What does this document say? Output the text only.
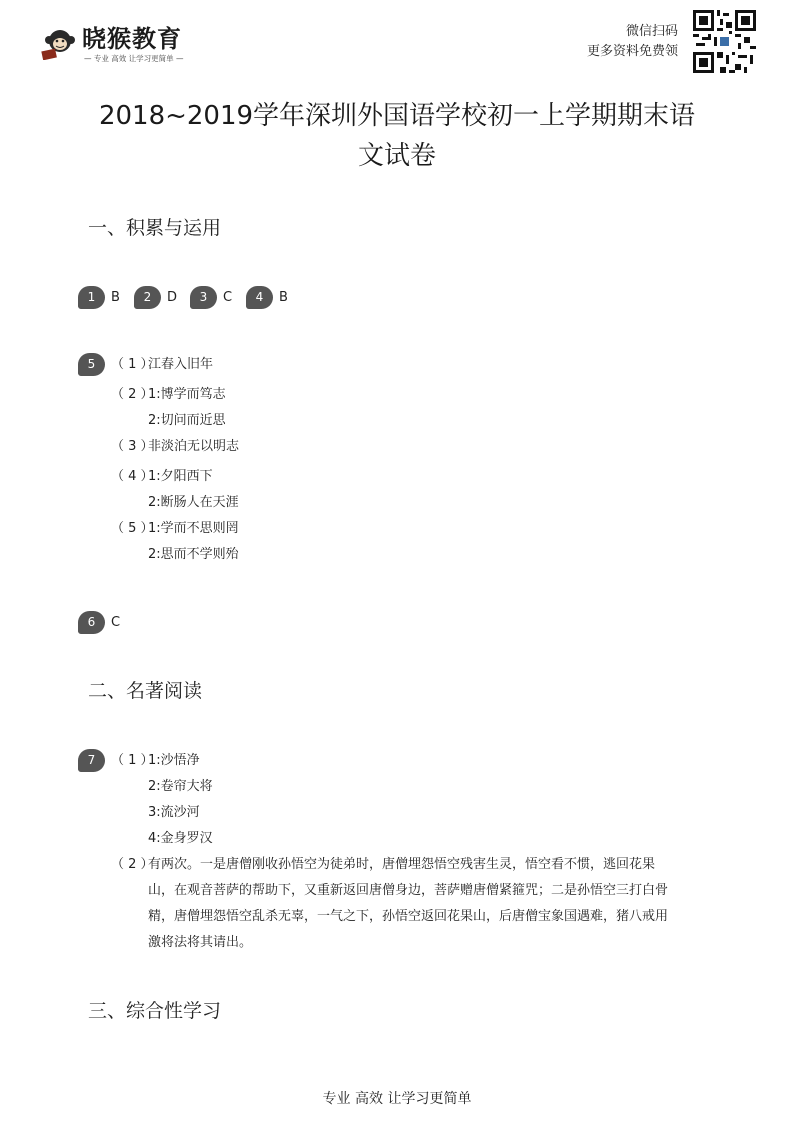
晓猴教育
— 专业 高效 让学习更简单 —
微信扫码
更多资料免费领
2018~2019学年深圳外国语学校初一上学期期末语
文试卷
一、积累与运用
1	B	2	D	3	C	4	B
5	（ 1 ）
江春入旧年
（ 2 ）
1:博学而笃志
2:切问而近思
（ 3 ）
非淡泊无以明志
（ 4 ）
1:夕阳西下
2:断肠人在天涯
（ 5 ）
1:学而不思则罔
2:思而不学则殆
6	C
二、名著阅读
7	（ 1 ）
1:沙悟净
2:卷帘大将
3:流沙河
4:金身罗汉
（ 2 ）
有两次。一是唐僧刚收孙悟空为徒弟时，唐僧埋怨悟空残害生灵，悟空看不惯，逃回花果山，在观音菩萨的帮助下，又重新返回唐僧身边，菩萨赠唐僧紧箍咒；二是孙悟空三打白骨精，唐僧埋怨悟空乱杀无辜，一气之下，孙悟空返回花果山，后唐僧宝象国遇难，猪八戒用激将法将其请出。
三、综合性学习
专业 高效 让学习更简单
